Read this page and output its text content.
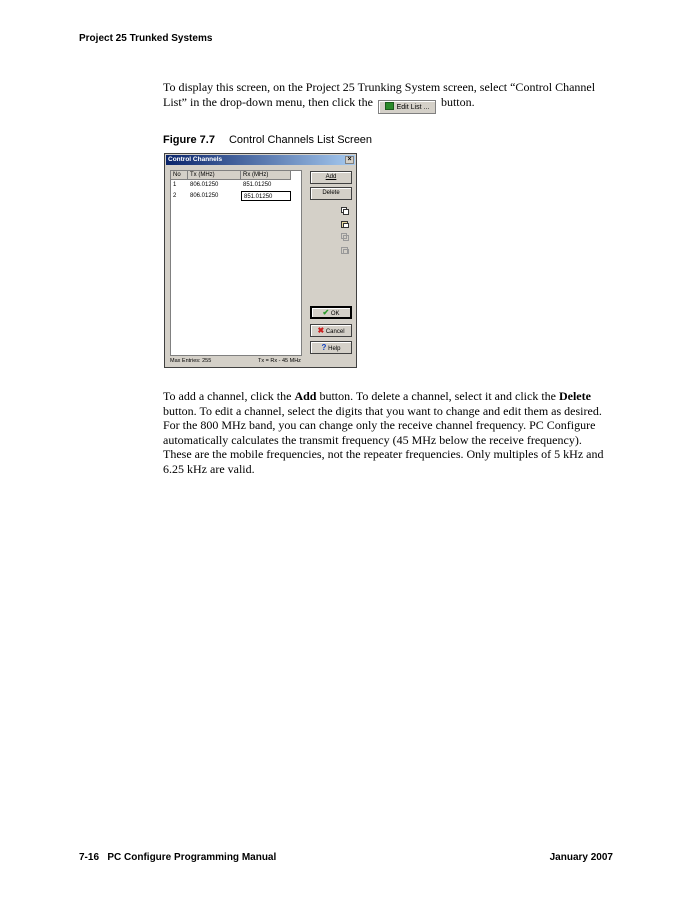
Project 25 Trunked Systems
To display this screen, on the Project 25 Trunking System screen, select “Control Channel
List” in the drop-down menu, then click the	Edit List ... button.
Figure 7.7 Control Channels List Screen
Control Channels	×
No	Tx (MHz)	Rx (MHz)
1	806.01250	851.01250
2	806.01250	851.01250
Add
Delete
✔ OK
✖ Cancel
? Help
Max Entries: 255	Tx = Rx - 45 MHz
To add a channel, click the Add button. To delete a channel, select it and click the Delete button. To edit a channel, select the digits that you want to change and edit them as desired. For the 800 MHz band, you can change only the receive channel frequency. PC Configure automatically calculates the transmit frequency (45 MHz below the receive frequency). These are the mobile frequencies, not the repeater frequencies. Only multiples of 5 kHz and 6.25 kHz are valid.
7-16 PC Configure Programming Manual	January 2007
